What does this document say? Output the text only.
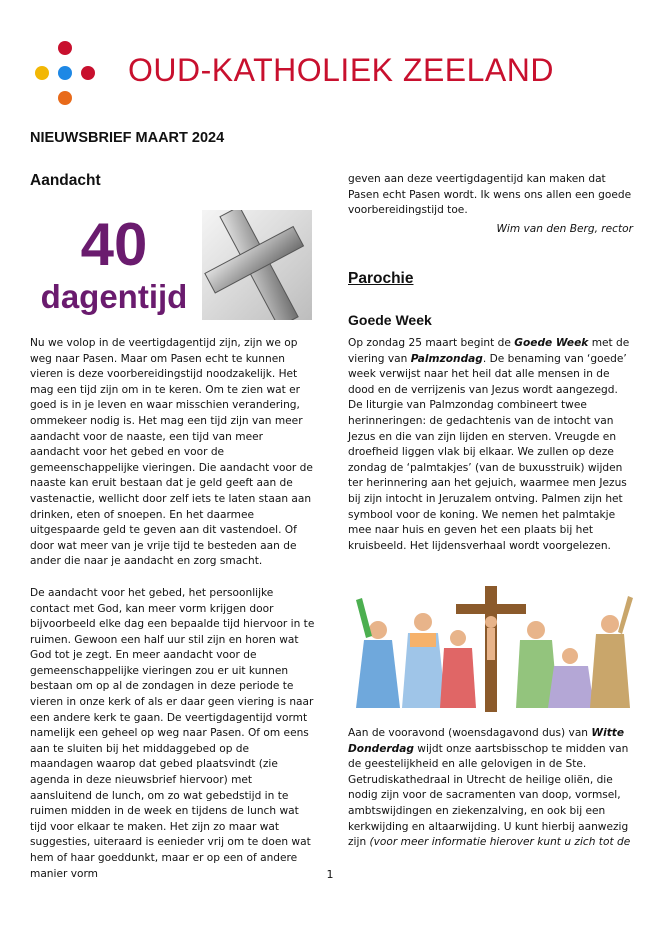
OUD-KATHOLIEK ZEELAND
NIEUWSBRIEF MAART 2024
Aandacht
40
dagentijd

Nu we volop in de veertigdagentijd zijn, zijn we op weg naar Pasen. Maar om Pasen echt te kunnen vieren is deze voorbereidingstijd noodzakelijk. Het mag een tijd zijn om in te keren. Om te zien wat er goed is in je leven en waar misschien verandering, ommekeer nodig is. Het mag een tijd zijn van meer aandacht voor de naaste, een tijd van meer aandacht voor het gebed en voor de gemeenschappelijke vieringen. Die aandacht voor de naaste kan eruit bestaan dat je geld geeft aan de vastenactie, wellicht door zelf iets te laten staan aan drinken, eten of snoepen. En het daarmee uitgespaarde geld te geven aan dit vastendoel. Of door wat meer van je vrije tijd te besteden aan de ander die naar je aandacht en zorg smacht.

De aandacht voor het gebed, het persoonlijke contact met God, kan meer vorm krijgen door bijvoorbeeld elke dag een bepaalde tijd hiervoor in te ruimen. Gewoon een half uur stil zijn en horen wat God tot je zegt. En meer aandacht voor de gemeenschappelijke vieringen zou er uit kunnen bestaan om op al de zondagen in deze periode te vieren in onze kerk of als er daar geen viering is naar een andere kerk te gaan. De veertigdagentijd vormt namelijk een geheel op weg naar Pasen. Of om eens aan te sluiten bij het middaggebed op de maandagen waarop dat gebed plaatsvindt (zie agenda in deze nieuwsbrief hiervoor) met aansluitend de lunch, om zo wat gebedstijd in te ruimen midden in de week en tijdens de lunch wat tijd voor elkaar te maken. Het zijn zo maar wat suggesties, uiteraard is eenieder vrij om te doen wat hem of haar goeddunkt, maar er op een of andere manier vorm

geven aan deze veertigdagentijd kan maken dat Pasen echt Pasen wordt. Ik wens ons allen een goede voorbereidingstijd toe.
Wim van den Berg, rector
Parochie
Goede Week
Op zondag 25 maart begint de Goede Week met de viering van Palmzondag. De benaming van ‘goede’ week verwijst naar het heil dat alle mensen in de dood en de verrijzenis van Jezus wordt aangezegd. De liturgie van Palmzondag combineert twee herinneringen: de gedachtenis van de intocht van Jezus en die van zijn lijden en sterven. Vreugde en droefheid liggen vlak bij elkaar. We zullen op deze zondag de ‘palmtakjes’ (van de buxusstruik) wijden ter herinnering aan het gejuich, waarmee men Jezus bij zijn intocht in Jeruzalem ontving. Palmen zijn het symbool voor de koning. We nemen het palmtakje mee naar huis en geven het een plaats bij het kruisbeeld. Het lijdensverhaal wordt voorgelezen.
Aan de vooravond (woensdagavond dus) van Witte Donderdag wijdt onze aartsbisschop te midden van de geestelijkheid en alle gelovigen in de Ste. Getrudiskathedraal in Utrecht de heilige oliën, die nodig zijn voor de sacramenten van doop, vormsel, ambtswijdingen en ziekenzalving, en ook bij een kerkwijding en altaarwijding. U kunt hierbij aanwezig zijn (voor meer informatie hierover kunt u zich tot de
1
